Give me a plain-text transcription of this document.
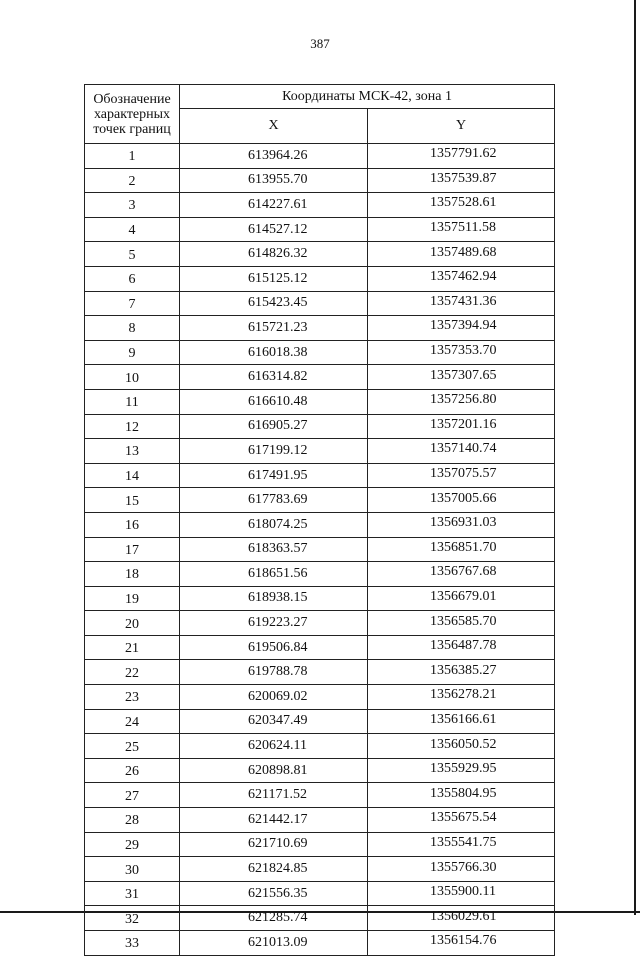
387
Обозначение характерных точек границ	Координаты МСК-42, зона 1	
	X	Y
1	613964.26	1357791.62
2	613955.70	1357539.87
3	614227.61	1357528.61
4	614527.12	1357511.58
5	614826.32	1357489.68
6	615125.12	1357462.94
7	615423.45	1357431.36
8	615721.23	1357394.94
9	616018.38	1357353.70
10	616314.82	1357307.65
11	616610.48	1357256.80
12	616905.27	1357201.16
13	617199.12	1357140.74
14	617491.95	1357075.57
15	617783.69	1357005.66
16	618074.25	1356931.03
17	618363.57	1356851.70
18	618651.56	1356767.68
19	618938.15	1356679.01
20	619223.27	1356585.70
21	619506.84	1356487.78
22	619788.78	1356385.27
23	620069.02	1356278.21
24	620347.49	1356166.61
25	620624.11	1356050.52
26	620898.81	1355929.95
27	621171.52	1355804.95
28	621442.17	1355675.54
29	621710.69	1355541.75
30	621824.85	1355766.30
31	621556.35	1355900.11
32	621285.74	1356029.61
33	621013.09	1356154.76
